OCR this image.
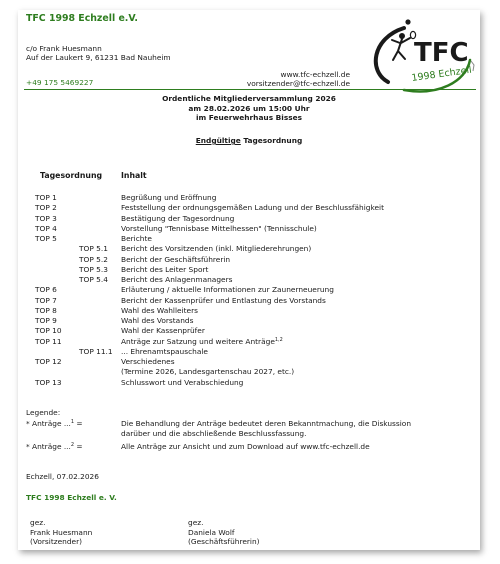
TFC 1998 Echzell e.V.
c/o Frank Huesmann
Auf der Laukert 9, 61231 Bad Nauheim
+49 175 5469227
www.tfc-echzell.de
vorsitzender@tfc-echzell.de
TFC
1998 Echzell
Ordentliche Mitgliederversammlung 2026
am 28.02.2026 um 15:00 Uhr
im Feuerwehrhaus Bisses
Endgültige Tagesordnung
Tagesordnung Inhalt
TOP 1	Begrüßung und Eröffnung
TOP 2	Feststellung der ordnungsgemäßen Ladung und der Beschlussfähigkeit
TOP 3	Bestätigung der Tagesordnung
TOP 4	Vorstellung "Tennisbase Mittelhessen" (Tennisschule)
TOP 5	Berichte
TOP 5.1 Bericht des Vorsitzenden (inkl. Mitgliederehrungen)
TOP 5.2 Bericht der Geschäftsführerin
TOP 5.3 Bericht des Leiter Sport
TOP 5.4 Bericht des Anlagenmanagers
TOP 6	Erläuterung / aktuelle Informationen zur Zaunerneuerung
TOP 7	Bericht der Kassenprüfer und Entlastung des Vorstands
TOP 8	Wahl des Wahlleiters
TOP 9	Wahl des Vorstands
TOP 10	Wahl der Kassenprüfer
TOP 11	Anträge zur Satzung und weitere Anträge$^{1,2}$
TOP 11.1 ... Ehrenamtspauschale
TOP 12	Verschiedenes
(Termine 2026, Landesgartenschau 2027, etc.)
TOP 13	Schlusswort und Verabschiedung
Legende:
* Anträge ...$^1$ =	Die Behandlung der Anträge bedeutet deren Bekanntmachung, die Diskussion
darüber und die abschließende Beschlussfassung.
* Anträge ...$^2$ =	Alle Anträge zur Ansicht und zum Download auf www.tfc-echzell.de
Echzell, 07.02.2026
TFC 1998 Echzell e. V.
gez.
Frank Huesmann
(Vorsitzender)
gez.
Daniela Wolf
(Geschäftsführerin)
